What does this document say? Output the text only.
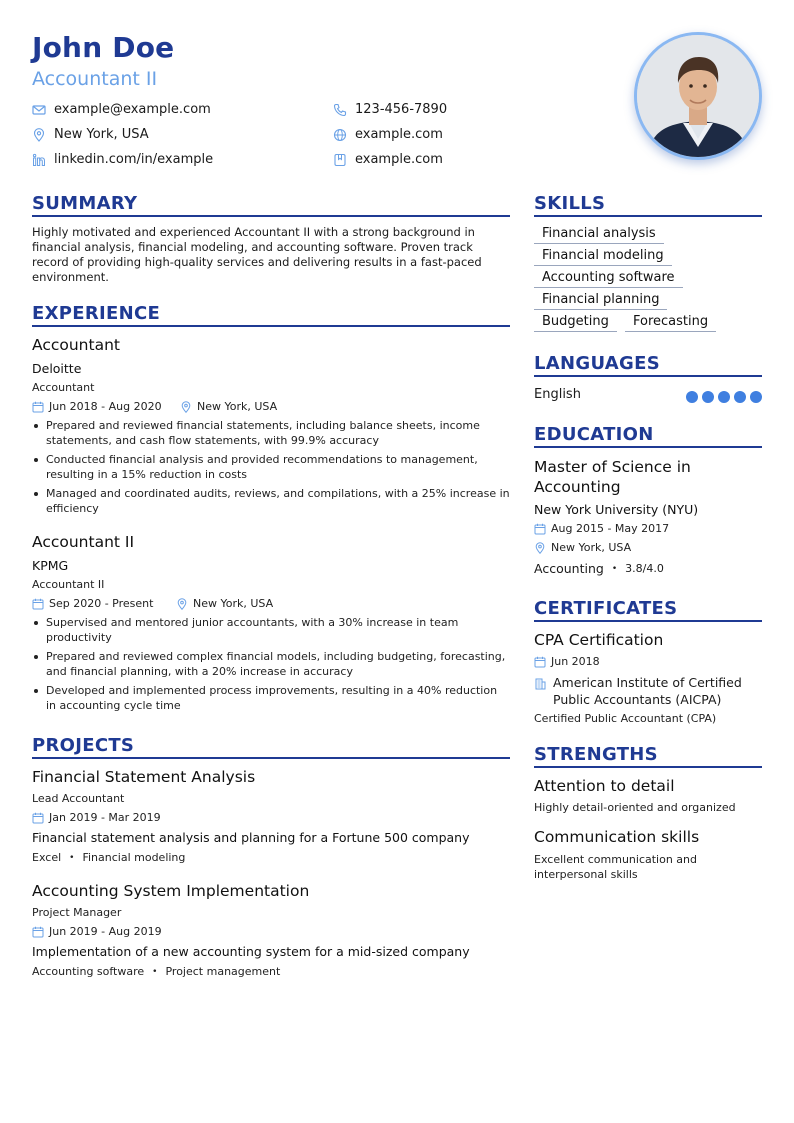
John Doe
Accountant II
example@example.com	123-456-7890
New York, USA	example.com
linkedin.com/in/example	example.com
SUMMARY
Highly motivated and experienced Accountant II with a strong background in financial analysis, financial modeling, and accounting software. Proven track record of providing high-quality services and delivering results in a fast-paced environment.
EXPERIENCE
Accountant
Deloitte
Accountant
Jun 2018 - Aug 2020	New York, USA
Prepared and reviewed financial statements, including balance sheets, income statements, and cash flow statements, with 99.9% accuracy
Conducted financial analysis and provided recommendations to management, resulting in a 15% reduction in costs
Managed and coordinated audits, reviews, and compilations, with a 25% increase in efficiency
Accountant II
KPMG
Accountant II
Sep 2020 - Present	New York, USA
Supervised and mentored junior accountants, with a 30% increase in team productivity
Prepared and reviewed complex financial models, including budgeting, forecasting, and financial planning, with a 20% increase in accuracy
Developed and implemented process improvements, resulting in a 40% reduction in accounting cycle time
PROJECTS
Financial Statement Analysis
Lead Accountant
Jan 2019 - Mar 2019
Financial statement analysis and planning for a Fortune 500 company
Excel • Financial modeling
Accounting System Implementation
Project Manager
Jun 2019 - Aug 2019
Implementation of a new accounting system for a mid-sized company
Accounting software • Project management
SKILLS
Financial analysis
Financial modeling
Accounting software
Financial planning
Budgeting	Forecasting
LANGUAGES
English
EDUCATION
Master of Science in Accounting
New York University (NYU)
Aug 2015 - May 2017
New York, USA
Accounting • 3.8/4.0
CERTIFICATES
CPA Certification
Jun 2018
American Institute of Certified Public Accountants (AICPA)
Certified Public Accountant (CPA)
STRENGTHS
Attention to detail
Highly detail-oriented and organized
Communication skills
Excellent communication and interpersonal skills
